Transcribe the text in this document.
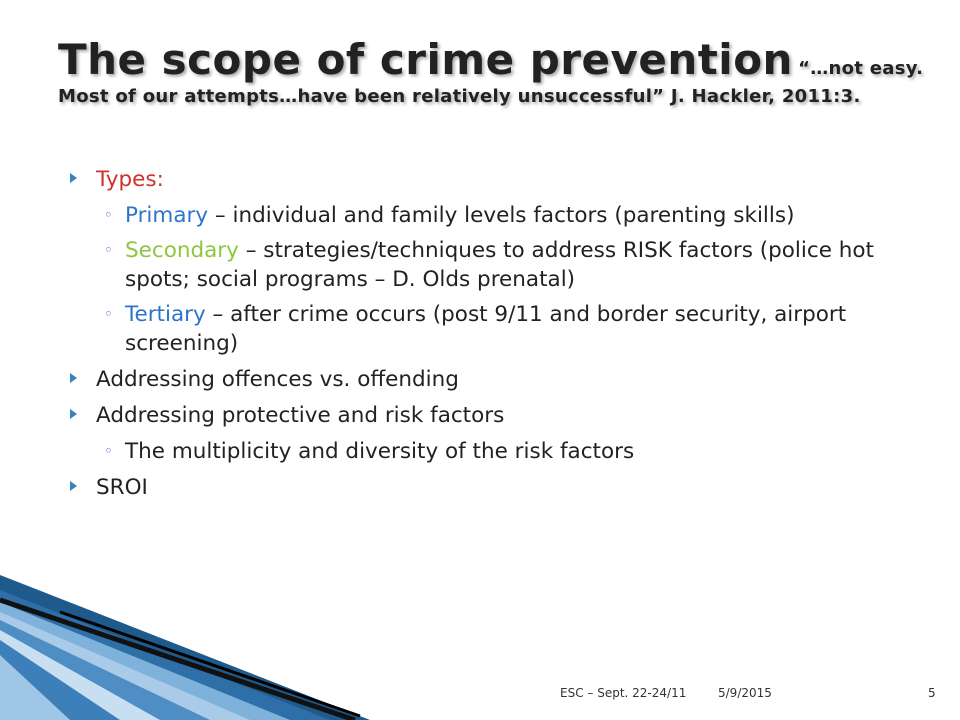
The scope of crime prevention “…not easy. Most of our attempts…have been relatively unsuccessful” J. Hackler, 2011:3.
Types:
◦ Primary – individual and family levels factors (parenting skills)
◦ Secondary – strategies/techniques to address RISK factors (police hot spots; social programs – D. Olds prenatal)
◦ Tertiary – after crime occurs (post 9/11 and border security, airport screening)
Addressing offences vs. offending
Addressing protective and risk factors
◦ The multiplicity and diversity of the risk factors
SROI
ESC – Sept. 22-24/11	5/9/2015	5
